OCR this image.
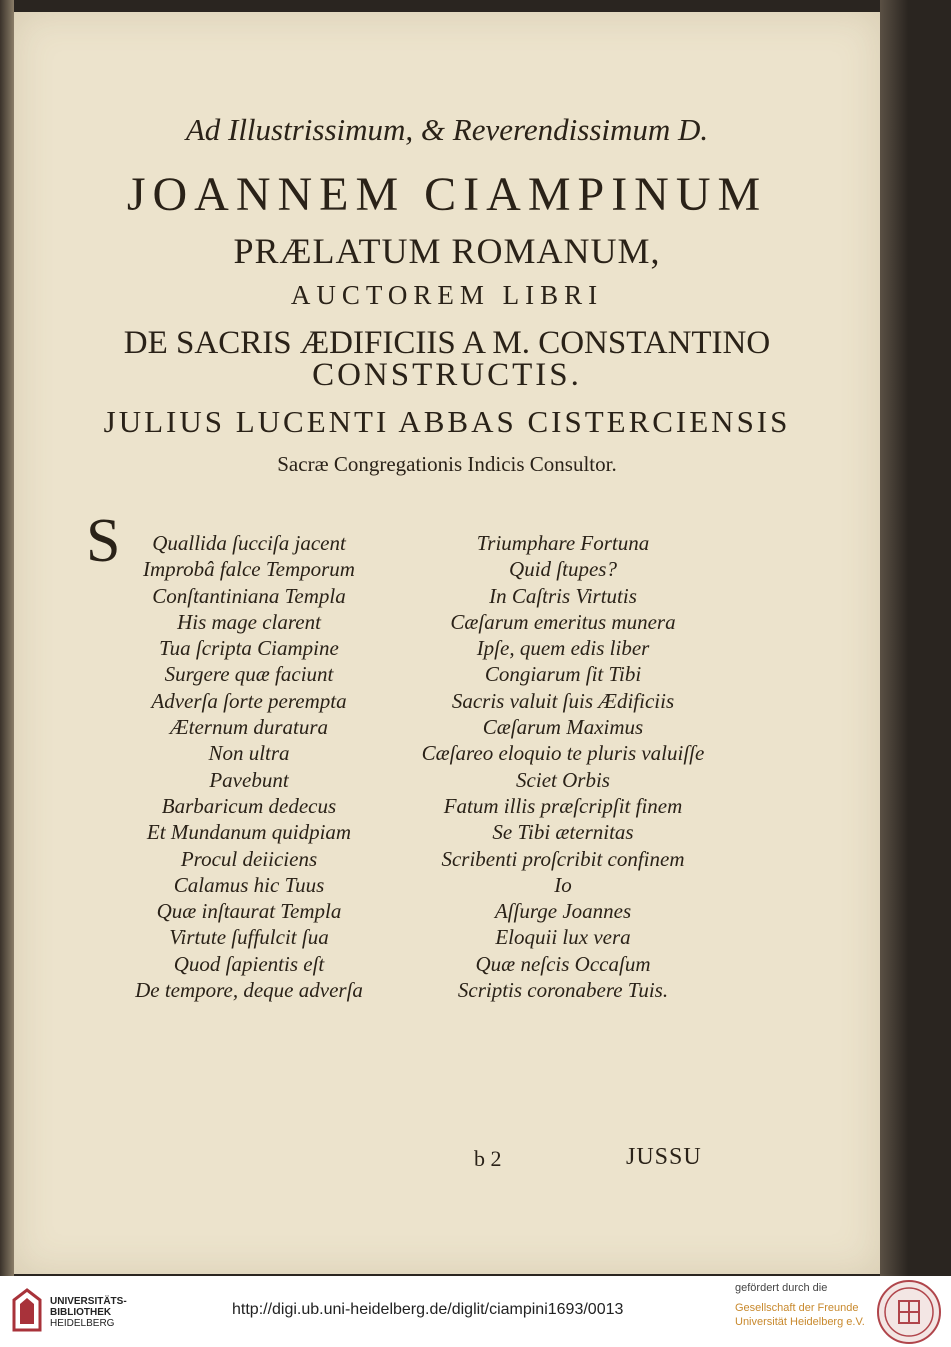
Ad Illustrissimum, & Reverendissimum D.
JOANNEM CIAMPINUM
PRÆLATUM ROMANUM,
AUCTOREM LIBRI
DE SACRIS ÆDIFICIIS A M. CONSTANTINO
CONSTRUCTIS.
JULIUS LUCENTI ABBAS CISTERCIENSIS
Sacræ Congregationis Indicis Consultor.
S	Quallida ſucciſa jacent
Improbâ falce Temporum
Conſtantiniana Templa
His mage clarent
Tua ſcripta Ciampine
Surgere quæ faciunt
Adverſa ſorte perempta
Æternum duratura
Non ultra
Pavebunt
Barbaricum dedecus
Et Mundanum quidpiam
Procul deiiciens
Calamus hic Tuus
Quæ inſtaurat Templa
Virtute ſuffulcit ſua
Quod ſapientis eſt
De tempore, deque adverſa
Triumphare Fortuna
Quid ſtupes?
In Caſtris Virtutis
Cæſarum emeritus munera
Ipſe, quem edis liber
Congiarum ſit Tibi
Sacris valuit ſuis Ædificiis
Cæſarum Maximus
Cæſareo eloquio te pluris valuiſſe
Sciet Orbis
Fatum illis præſcripſit finem
Se Tibi æternitas
Scribenti proſcribit confinem
Io
Aſſurge Joannes
Eloquii lux vera
Quæ neſcis Occaſum
Scriptis coronabere Tuis.
b 2	JUSSU
UNIVERSITÄTS-
BIBLIOTHEK
HEIDELBERG
http://digi.ub.uni-heidelberg.de/diglit/ciampini1693/0013
gefördert durch die
Gesellschaft der Freunde
Universität Heidelberg e.V.
